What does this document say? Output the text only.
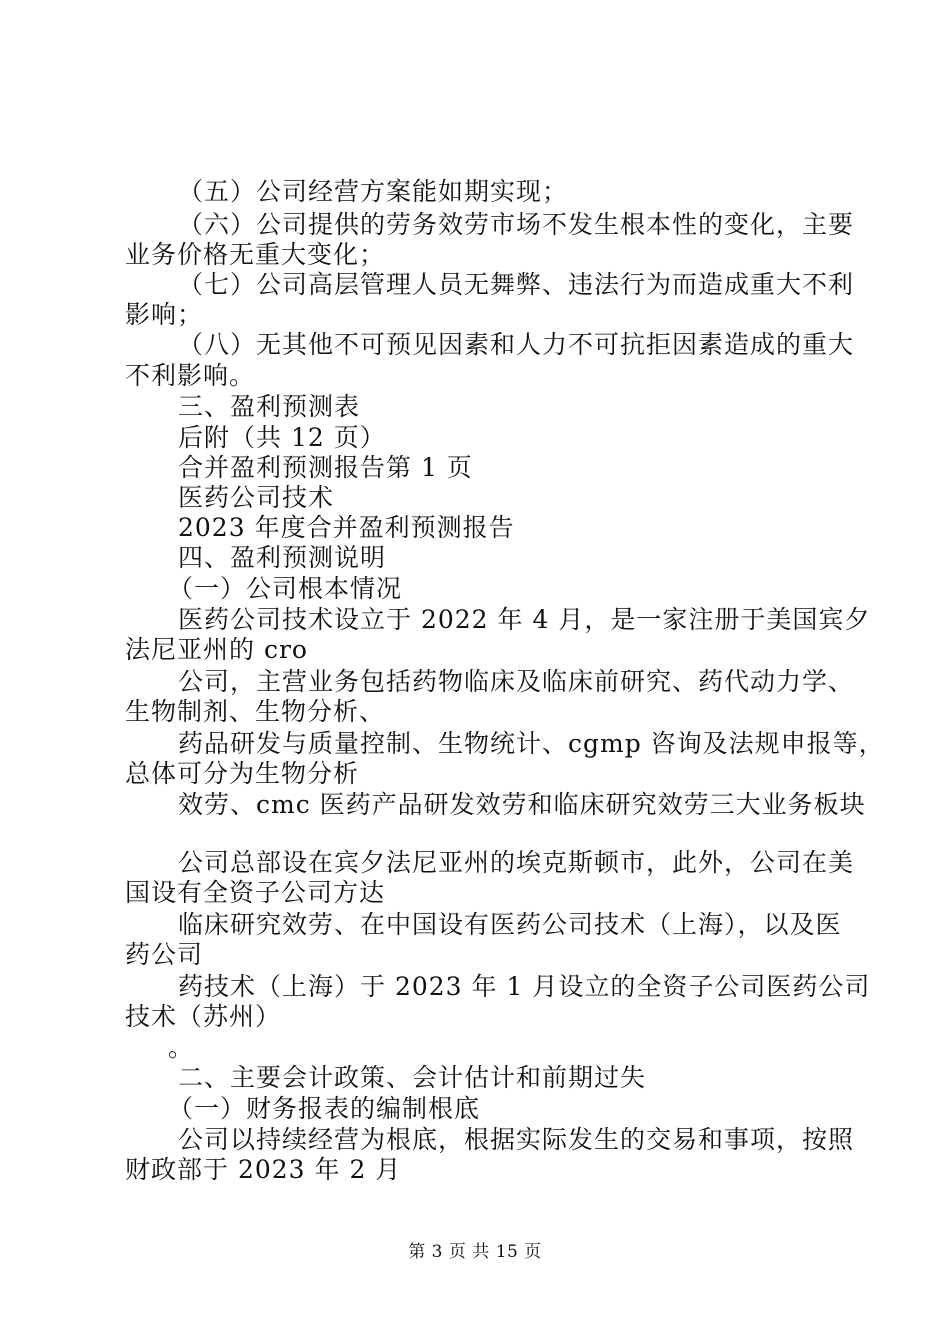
（五）公司经营方案能如期实现；
（六）公司提供的劳务效劳市场不发生根本性的变化，主要
业务价格无重大变化；
（七）公司高层管理人员无舞弊、违法行为而造成重大不利
影响；
（八）无其他不可预见因素和人力不可抗拒因素造成的重大
不利影响。
三、盈利预测表
后附（共 12 页）
合并盈利预测报告第 1 页
医药公司技术
2023 年度合并盈利预测报告
四、盈利预测说明
（一）公司根本情况
医药公司技术设立于 2022 年 4 月，是一家注册于美国宾夕
法尼亚州的 cro
公司，主营业务包括药物临床及临床前研究、药代动力学、
生物制剂、生物分析、
药品研发与质量控制、生物统计、cgmp 咨询及法规申报等，
总体可分为生物分析
效劳、cmc 医药产品研发效劳和临床研究效劳三大业务板块
公司总部设在宾夕法尼亚州的埃克斯顿市，此外，公司在美
国设有全资子公司方达
临床研究效劳、在中国设有医药公司技术（上海），以及医
药公司
药技术（上海）于 2023 年 1 月设立的全资子公司医药公司
技术（苏州）
。
二、主要会计政策、会计估计和前期过失
（一）财务报表的编制根底
公司以持续经营为根底，根据实际发生的交易和事项，按照
财政部于 2023 年 2 月
第 3 页 共 15 页
